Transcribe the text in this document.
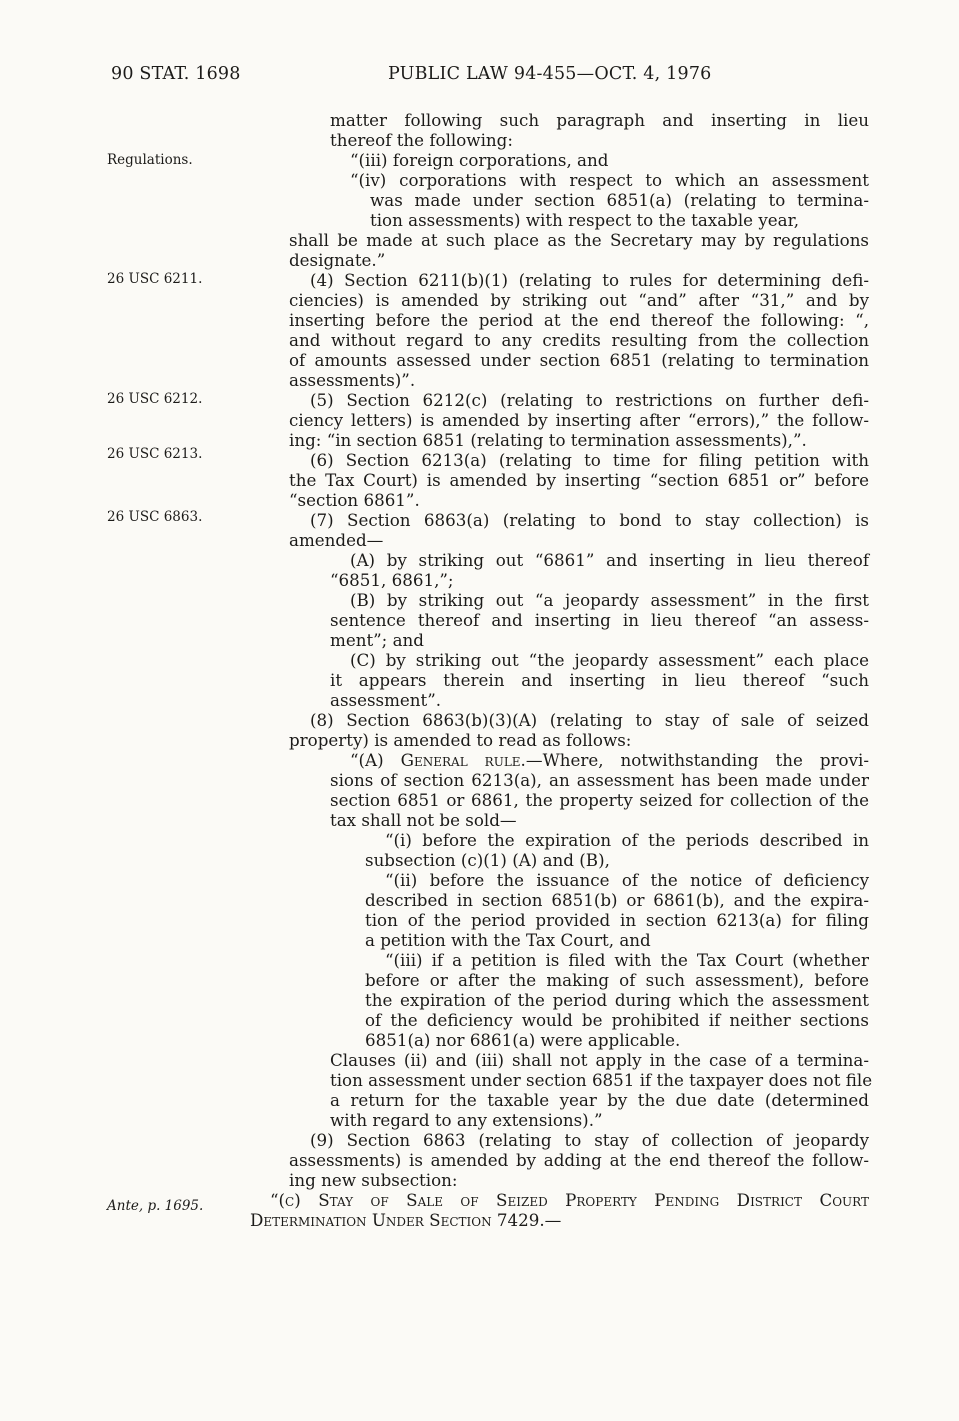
90 STAT. 1698	PUBLIC LAW 94-455—OCT. 4, 1976
Regulations.
26 USC 6211.
26 USC 6212.
26 USC 6213.
26 USC 6863.
Ante, p. 1695.
matter following such paragraph and inserting in lieu
thereof the following:
“(iii) foreign corporations, and
“(iv) corporations with respect to which an assessment
was made under section 6851(a) (relating to termina-
tion assessments) with respect to the taxable year,
shall be made at such place as the Secretary may by regulations
designate.”
(4) Section 6211(b)(1) (relating to rules for determining defi-
ciencies) is amended by striking out “and” after “31,” and by
inserting before the period at the end thereof the following: “,
and without regard to any credits resulting from the collection
of amounts assessed under section 6851 (relating to termination
assessments)”.
(5) Section 6212(c) (relating to restrictions on further defi-
ciency letters) is amended by inserting after “errors),” the follow-
ing: “in section 6851 (relating to termination assessments),”.
(6) Section 6213(a) (relating to time for filing petition with
the Tax Court) is amended by inserting “section 6851 or” before
“section 6861”.
(7) Section 6863(a) (relating to bond to stay collection) is
amended—
(A) by striking out “6861” and inserting in lieu thereof
“6851, 6861,”;
(B) by striking out “a jeopardy assessment” in the first
sentence thereof and inserting in lieu thereof “an assess-
ment”; and
(C) by striking out “the jeopardy assessment” each place
it appears therein and inserting in lieu thereof “such
assessment”.
(8) Section 6863(b)(3)(A) (relating to stay of sale of seized
property) is amended to read as follows:
“(A) General rule.—Where, notwithstanding the provi-
sions of section 6213(a), an assessment has been made under
section 6851 or 6861, the property seized for collection of the
tax shall not be sold—
“(i) before the expiration of the periods described in
subsection (c)(1) (A) and (B),
“(ii) before the issuance of the notice of deficiency
described in section 6851(b) or 6861(b), and the expira-
tion of the period provided in section 6213(a) for filing
a petition with the Tax Court, and
“(iii) if a petition is filed with the Tax Court (whether
before or after the making of such assessment), before
the expiration of the period during which the assessment
of the deficiency would be prohibited if neither sections
6851(a) nor 6861(a) were applicable.
Clauses (ii) and (iii) shall not apply in the case of a termina-
tion assessment under section 6851 if the taxpayer does not file
a return for the taxable year by the due date (determined
with regard to any extensions).”
(9) Section 6863 (relating to stay of collection of jeopardy
assessments) is amended by adding at the end thereof the follow-
ing new subsection:
“(c) Stay of Sale of Seized Property Pending District Court
Determination Under Section 7429.—
